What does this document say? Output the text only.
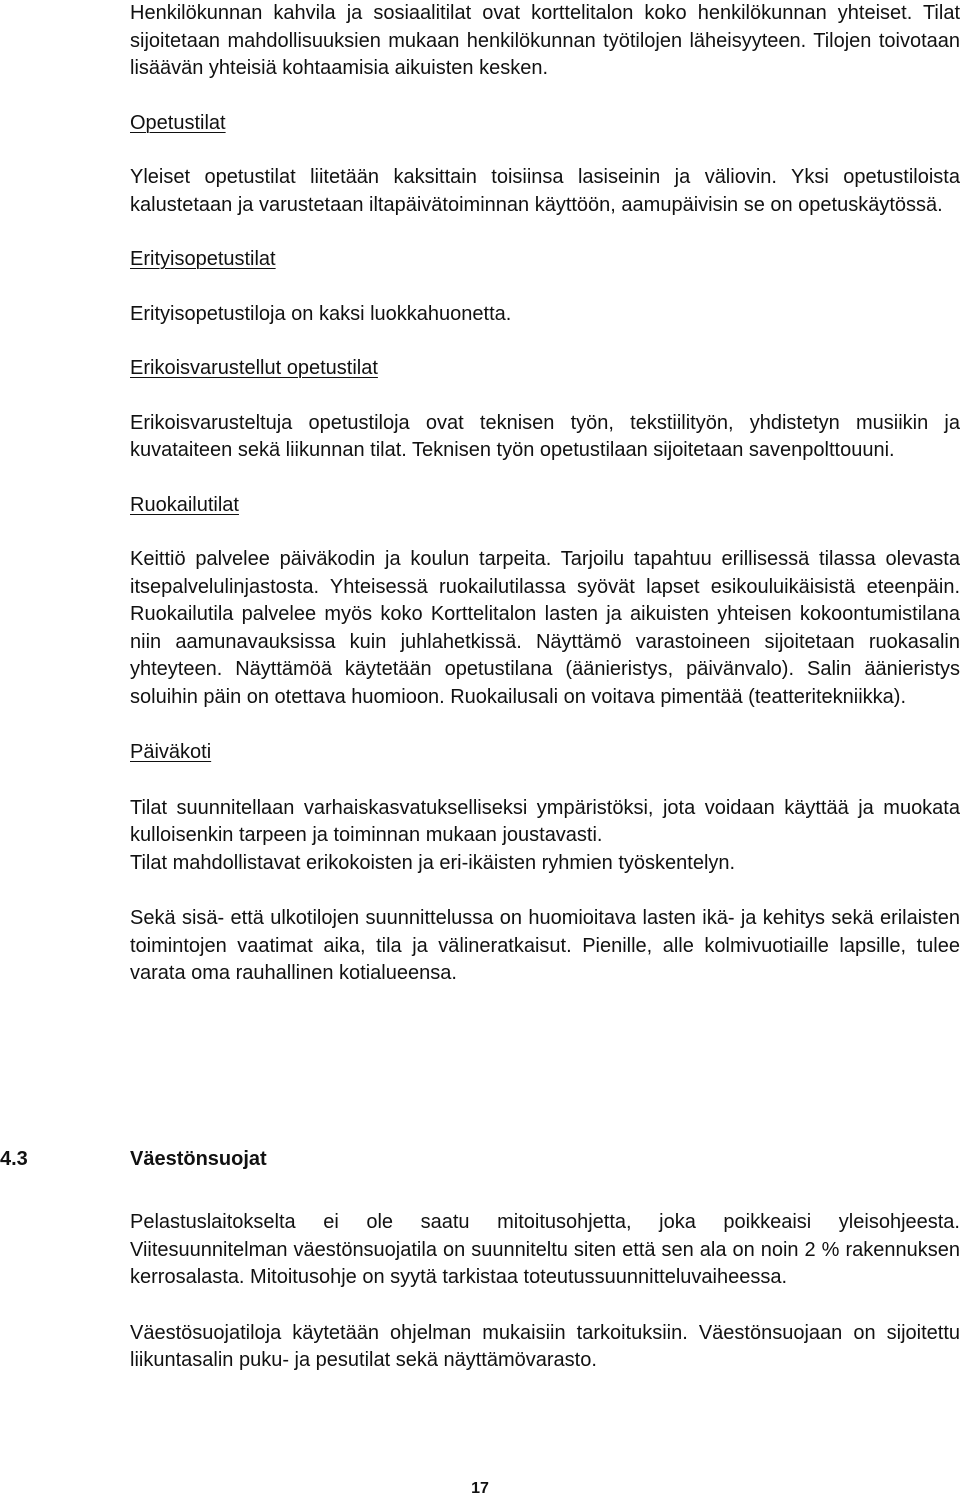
Henkilökunnan kahvila ja sosiaalitilat ovat korttelitalon koko henkilökunnan yhteiset. Tilat sijoitetaan mahdollisuuksien mukaan henkilökunnan työtilojen läheisyyteen. Tilojen toivotaan lisäävän yhteisiä kohtaamisia aikuisten kesken.

Opetustilat

Yleiset opetustilat liitetään kaksittain toisiinsa lasiseinin ja väliovin. Yksi opetustiloista kalustetaan ja varustetaan iltapäivätoiminnan käyttöön, aamupäivisin se on opetuskäytössä.

Erityisopetustilat

Erityisopetustiloja on kaksi luokkahuonetta.

Erikoisvarustellut opetustilat

Erikoisvarusteltuja opetustiloja ovat teknisen työn, tekstiilityön, yhdistetyn musiikin ja kuvataiteen sekä liikunnan tilat. Teknisen työn opetustilaan sijoitetaan savenpolttouuni.

Ruokailutilat

Keittiö palvelee päiväkodin ja koulun tarpeita. Tarjoilu tapahtuu erillisessä tilassa olevasta itsepalvelulinjastosta. Yhteisessä ruokailutilassa syövät lapset esikouluikäisistä eteenpäin. Ruokailutila palvelee myös koko Korttelitalon lasten ja aikuisten yhteisen kokoontumistilana niin aamunavauksissa kuin juhlahetkissä. Näyttämö varastoineen sijoitetaan ruokasalin yhteyteen. Näyttämöä käytetään opetustilana (äänieristys, päivänvalo). Salin äänieristys soluihin päin on otettava huomioon. Ruokailusali on voitava pimentää (teatteritekniikka).

Päiväkoti

Tilat suunnitellaan varhaiskasvatukselliseksi ympäristöksi, jota voidaan käyttää ja muokata kulloisenkin tarpeen ja toiminnan mukaan joustavasti.

Tilat mahdollistavat erikokoisten ja eri-ikäisten ryhmien työskentelyn.

Sekä sisä- että ulkotilojen suunnittelussa on huomioitava lasten ikä- ja kehitys sekä erilaisten toimintojen vaatimat aika, tila ja välineratkaisut. Pienille, alle kolmivuotiaille lapsille, tulee varata oma rauhallinen kotialueensa.

4.3	Väestönsuojat

Pelastuslaitokselta ei ole saatu mitoitusohjetta, joka poikkeaisi yleisohjeesta. Viitesuunnitelman väestönsuojatila on suunniteltu siten että sen ala on noin 2 % rakennuksen kerrosalasta. Mitoitusohje on syytä tarkistaa toteutussuunnitteluvaiheessa.

Väestösuojatiloja käytetään ohjelman mukaisiin tarkoituksiin. Väestönsuojaan on sijoitettu liikuntasalin puku- ja pesutilat sekä näyttämövarasto.

17
